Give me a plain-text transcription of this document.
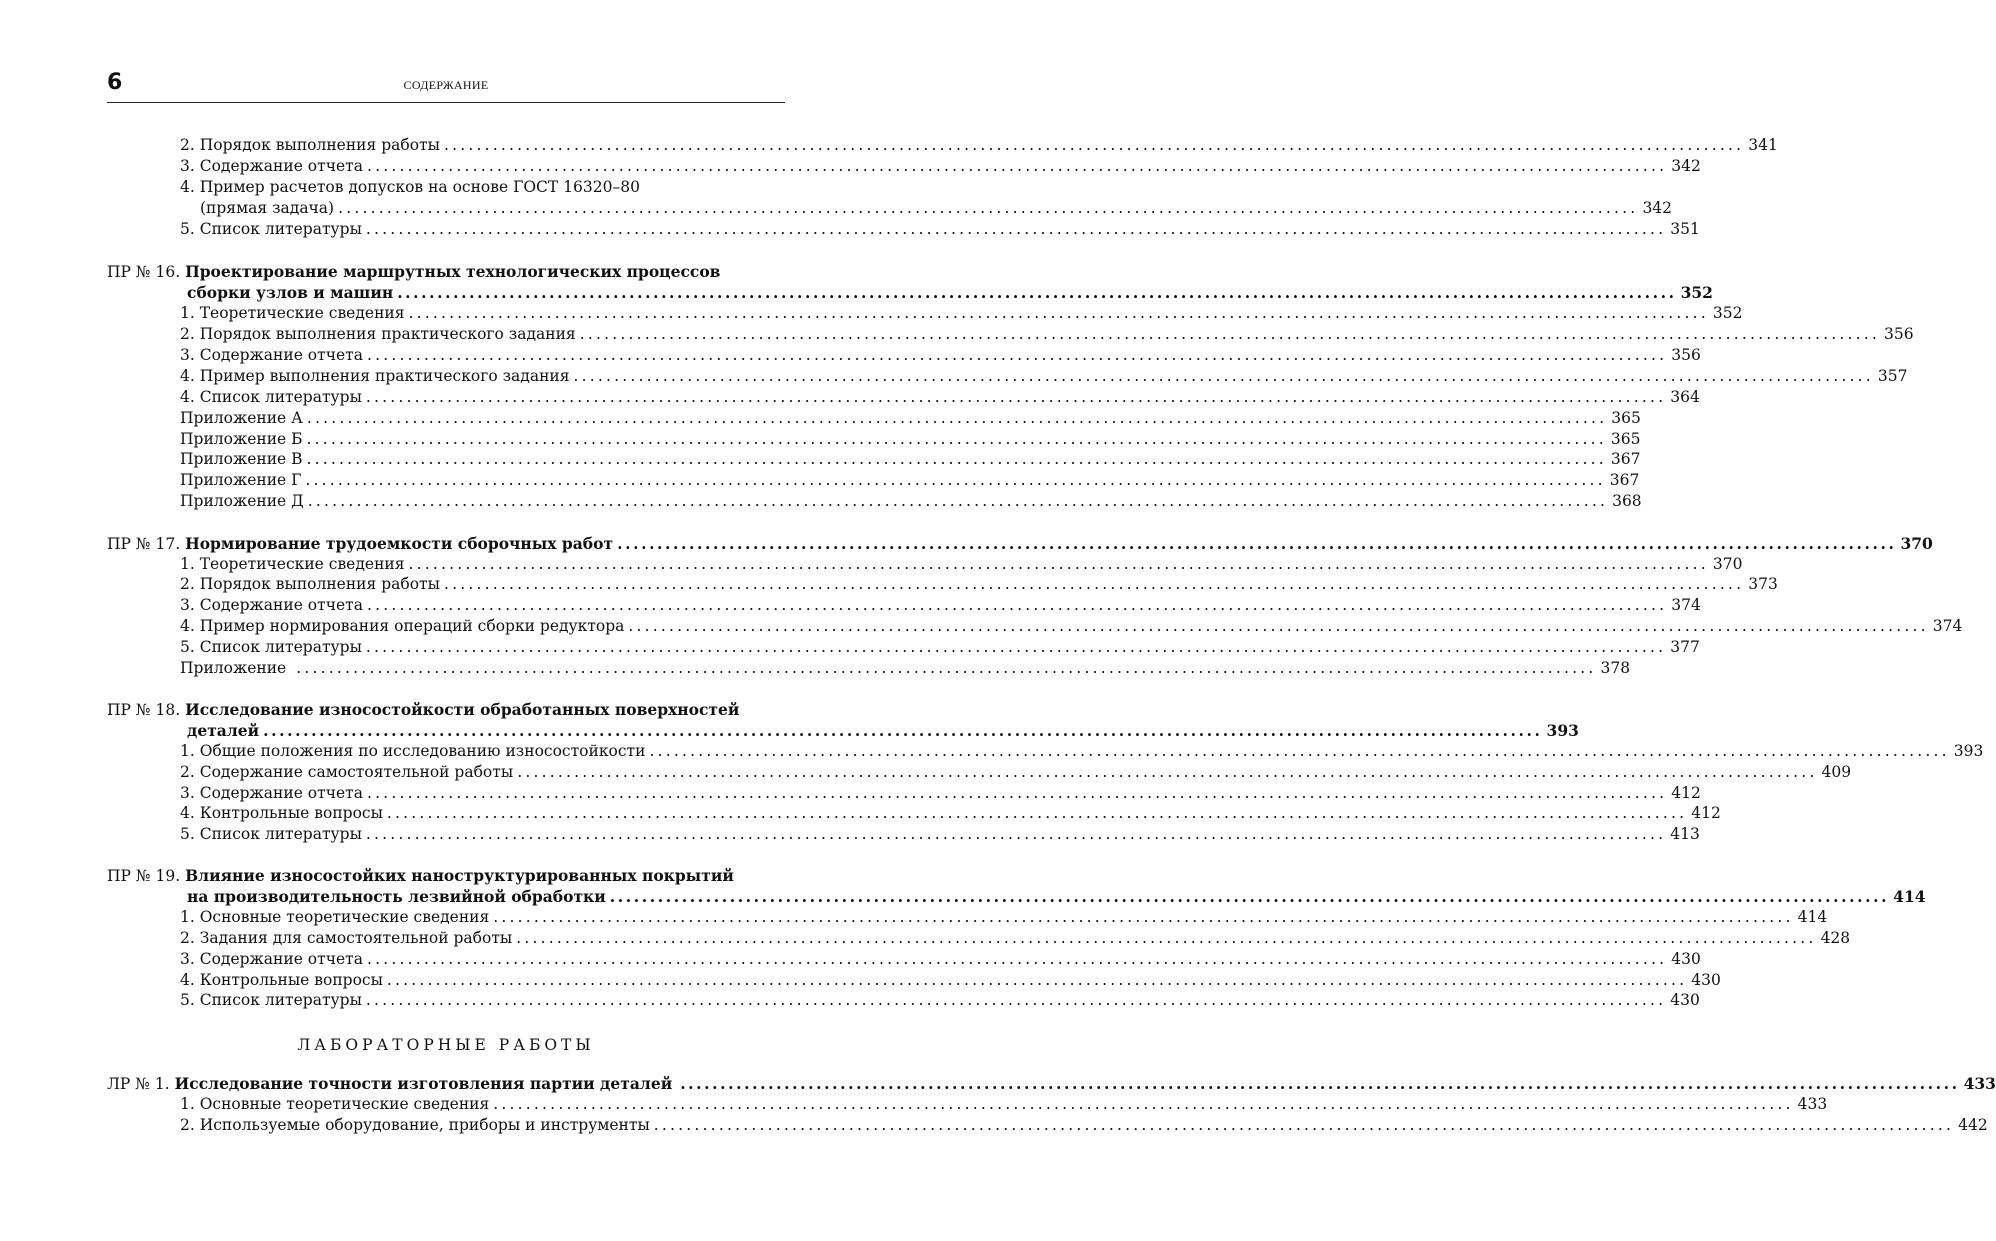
6	СОДЕРЖАНИЕ
2. Порядок выполнения работы ................................................................................................................................................................ 341
3. Содержание отчета ................................................................................................................................................................ 342
4. Пример расчетов допусков на основе ГОСТ 16320–80
(прямая задача) ................................................................................................................................................................ 342
5. Список литературы ................................................................................................................................................................ 351
ПР № 16. Проектирование маршрутных технологических процессов
сборки узлов и машин ................................................................................................................................................................ 352
1. Теоретические сведения ................................................................................................................................................................ 352
2. Порядок выполнения практического задания ................................................................................................................................................................ 356
3. Содержание отчета ................................................................................................................................................................ 356
4. Пример выполнения практического задания ................................................................................................................................................................ 357
4. Список литературы ................................................................................................................................................................ 364
Приложение А ................................................................................................................................................................ 365
Приложение Б ................................................................................................................................................................ 365
Приложение В ................................................................................................................................................................ 367
Приложение Г ................................................................................................................................................................ 367
Приложение Д ................................................................................................................................................................ 368
ПР № 17.
Нормирование трудоемкости сборочных работ ................................................................................................................................................................ 370
1. Теоретические сведения ................................................................................................................................................................ 370
2. Порядок выполнения работы ................................................................................................................................................................ 373
3. Содержание отчета ................................................................................................................................................................ 374
4. Пример нормирования операций сборки редуктора ................................................................................................................................................................ 374
5. Список литературы ................................................................................................................................................................ 377
Приложение ................................................................................................................................................................ 378
ПР № 18. Исследование износостойкости обработанных поверхностей
деталей ................................................................................................................................................................ 393
1. Общие положения по исследованию износостойкости ................................................................................................................................................................ 393
2. Содержание самостоятельной работы ................................................................................................................................................................ 409
3. Содержание отчета ................................................................................................................................................................ 412
4. Контрольные вопросы ................................................................................................................................................................ 412
5. Список литературы ................................................................................................................................................................ 413
ПР № 19. Влияние износостойких наноструктурированных покрытий
на производительность лезвийной обработки ................................................................................................................................................................ 414
1. Основные теоретические сведения ................................................................................................................................................................ 414
2. Задания для самостоятельной работы ................................................................................................................................................................ 428
3. Содержание отчета ................................................................................................................................................................ 430
4. Контрольные вопросы ................................................................................................................................................................ 430
5. Список литературы ................................................................................................................................................................ 430
ЛАБОРАТОРНЫЕ РАБОТЫ
ЛР № 1.
Исследование точности изготовления партии деталей ................................................................................................................................................................ 433
1. Основные теоретические сведения ................................................................................................................................................................ 433
2. Используемые оборудование, приборы и инструменты ................................................................................................................................................................ 442
